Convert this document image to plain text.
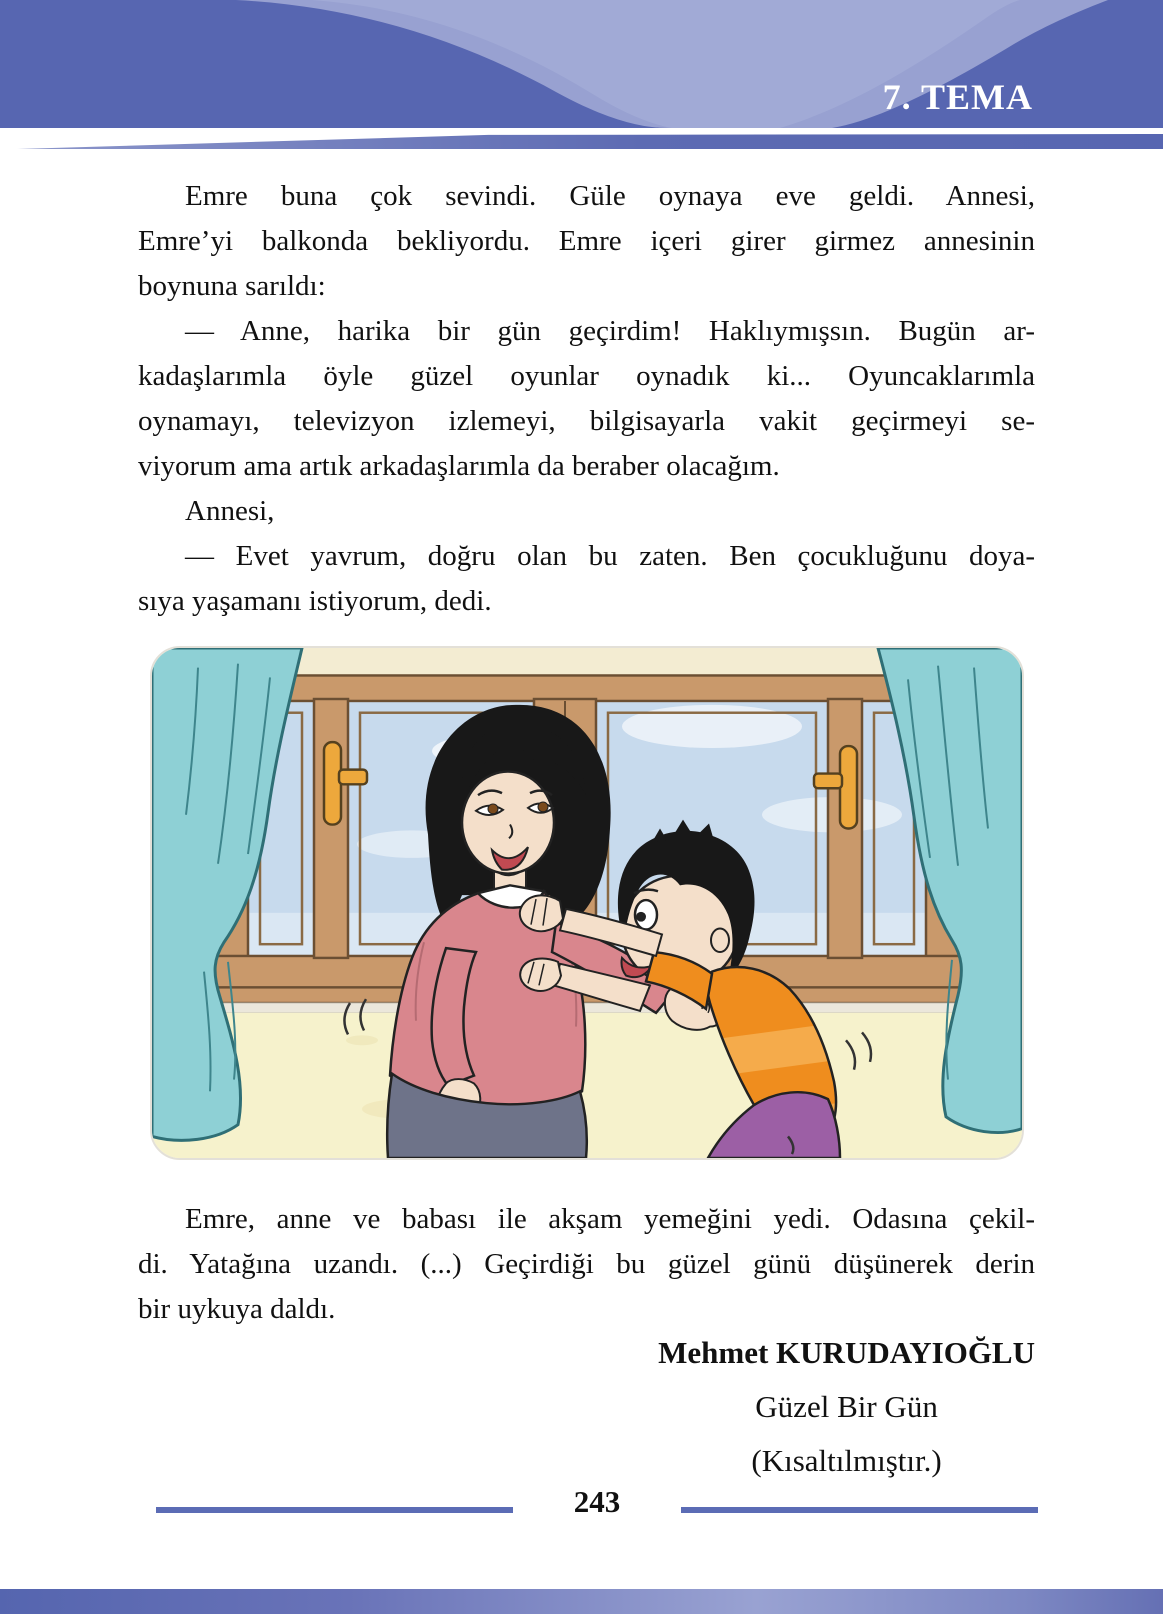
7. TEMA
Emre buna çok sevindi. Güle oynaya eve geldi. Annesi,
Emre’yi balkonda bekliyordu. Emre içeri girer girmez annesinin
boynuna sarıldı:
— Anne, harika bir gün geçirdim! Haklıymışsın. Bugün ar-
kadaşlarımla öyle güzel oyunlar oynadık ki... Oyuncaklarımla
oynamayı, televizyon izlemeyi, bilgisayarla vakit geçirmeyi se-
viyorum ama artık arkadaşlarımla da beraber olacağım.
Annesi,
— Evet yavrum, doğru olan bu zaten. Ben çocukluğunu doya-
sıya yaşamanı istiyorum, dedi.
Emre, anne ve babası ile akşam yemeğini yedi. Odasına çekil-
di. Yatağına uzandı. (...) Geçirdiği bu güzel günü düşünerek derin
bir uykuya daldı.
Mehmet KURUDAYIOĞLU
Güzel Bir Gün
(Kısaltılmıştır.)
243
